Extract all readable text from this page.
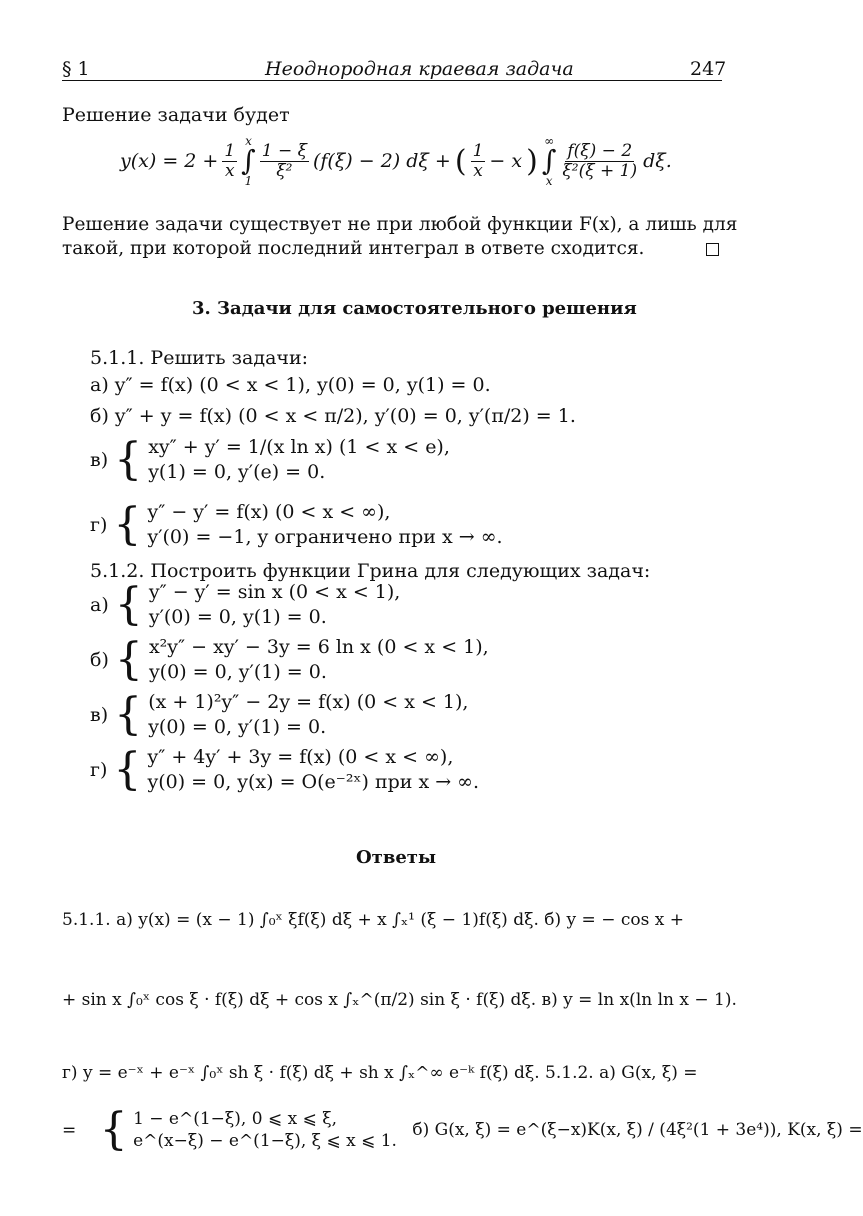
§ 1	Неоднородная краевая задача	247
Решение задачи будет
$y(x) = 2 + \frac{1}{x}$
x
∫
1
$\frac{1 - \xi}{\text{ξ²}} (f(\xi) - 2) d\xi$ + ( $\frac{1}{x} - x$ )
∞
∫
x
$\frac{f(\xi) - 2}{\text{ξ²(ξ + 1)}} d\xi$.
Решение задачи существует не при любой функции F(x), а лишь для
такой, при которой последний интеграл в ответе сходится.
3. Задачи для самостоятельного решения
5.1.1. Решить задачи:
а) y″ = f(x) (0 < x < 1), y(0) = 0, y(1) = 0.
б) y″ + y = f(x) (0 < x < π/2), y′(0) = 0, y′(π/2) = 1.
в) { xy″ + y′ = 1/(x ln x) (1 < x < e),
y(1) = 0, y′(e) = 0.
г) { y″ − y′ = f(x) (0 < x < ∞),
y′(0) = −1, y ограничено при x → ∞.
5.1.2. Построить функции Грина для следующих задач:
а) { y″ − y′ = sin x (0 < x < 1),
y′(0) = 0, y(1) = 0.
б) { x²y″ − xy′ − 3y = 6 ln x (0 < x < 1),
y(0) = 0, y′(1) = 0.
в) { (x + 1)²y″ − 2y = f(x) (0 < x < 1),
y(0) = 0, y′(1) = 0.
г) { y″ + 4y′ + 3y = f(x) (0 < x < ∞),
y(0) = 0, y(x) = O(e⁻²ˣ) при x → ∞.
Ответы
5.1.1. а) y(x) = (x − 1) ∫₀ˣ ξf(ξ) dξ + x ∫ₓ¹ (ξ − 1)f(ξ) dξ. б) y = − cos x +
+ sin x ∫₀ˣ cos ξ · f(ξ) dξ + cos x ∫ₓ^(π/2) sin ξ · f(ξ) dξ. в) y = ln x(ln ln x − 1).
г) y = e⁻ˣ + e⁻ˣ ∫₀ˣ sh ξ · f(ξ) dξ + sh x ∫ₓ^∞ e⁻ᵏ f(ξ) dξ. 5.1.2. а) G(x, ξ) =
= { 1 − e^(1−ξ), 0 ⩽ x ⩽ ξ,
e^(x−ξ) − e^(1−ξ), ξ ⩽ x ⩽ 1. б) G(x, ξ) = e^(ξ−x)K(x, ξ) / (4ξ²(1 + 3e⁴)), K(x, ξ) =
